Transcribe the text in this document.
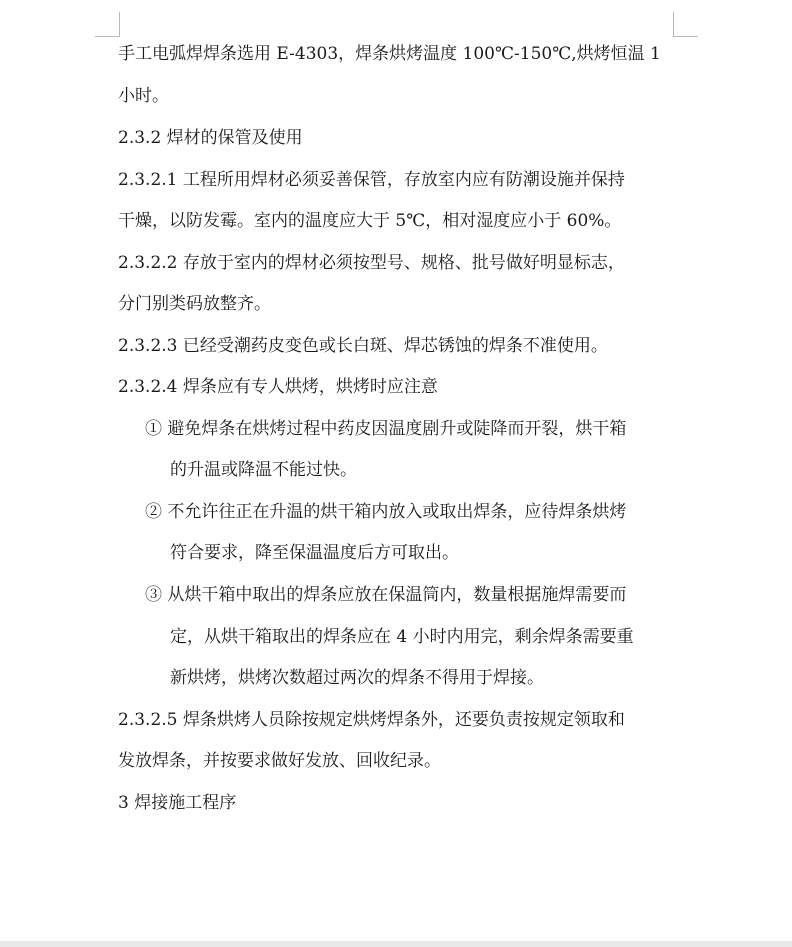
手工电弧焊焊条选用 E-4303，焊条烘烤温度 100℃-150℃,烘烤恒温 1
小时。
2.3.2 焊材的保管及使用
2.3.2.1 工程所用焊材必须妥善保管，存放室内应有防潮设施并保持
干燥，以防发霉。室内的温度应大于 5℃，相对湿度应小于 60%。
2.3.2.2 存放于室内的焊材必须按型号、规格、批号做好明显标志，
分门别类码放整齐。
2.3.2.3 已经受潮药皮变色或长白斑、焊芯锈蚀的焊条不准使用。
2.3.2.4 焊条应有专人烘烤，烘烤时应注意
① 避免焊条在烘烤过程中药皮因温度剧升或陡降而开裂，烘干箱
的升温或降温不能过快。
② 不允许往正在升温的烘干箱内放入或取出焊条，应待焊条烘烤
符合要求，降至保温温度后方可取出。
③ 从烘干箱中取出的焊条应放在保温筒内，数量根据施焊需要而
定，从烘干箱取出的焊条应在 4 小时内用完，剩余焊条需要重
新烘烤，烘烤次数超过两次的焊条不得用于焊接。
2.3.2.5 焊条烘烤人员除按规定烘烤焊条外，还要负责按规定领取和
发放焊条，并按要求做好发放、回收纪录。
3 焊接施工程序
